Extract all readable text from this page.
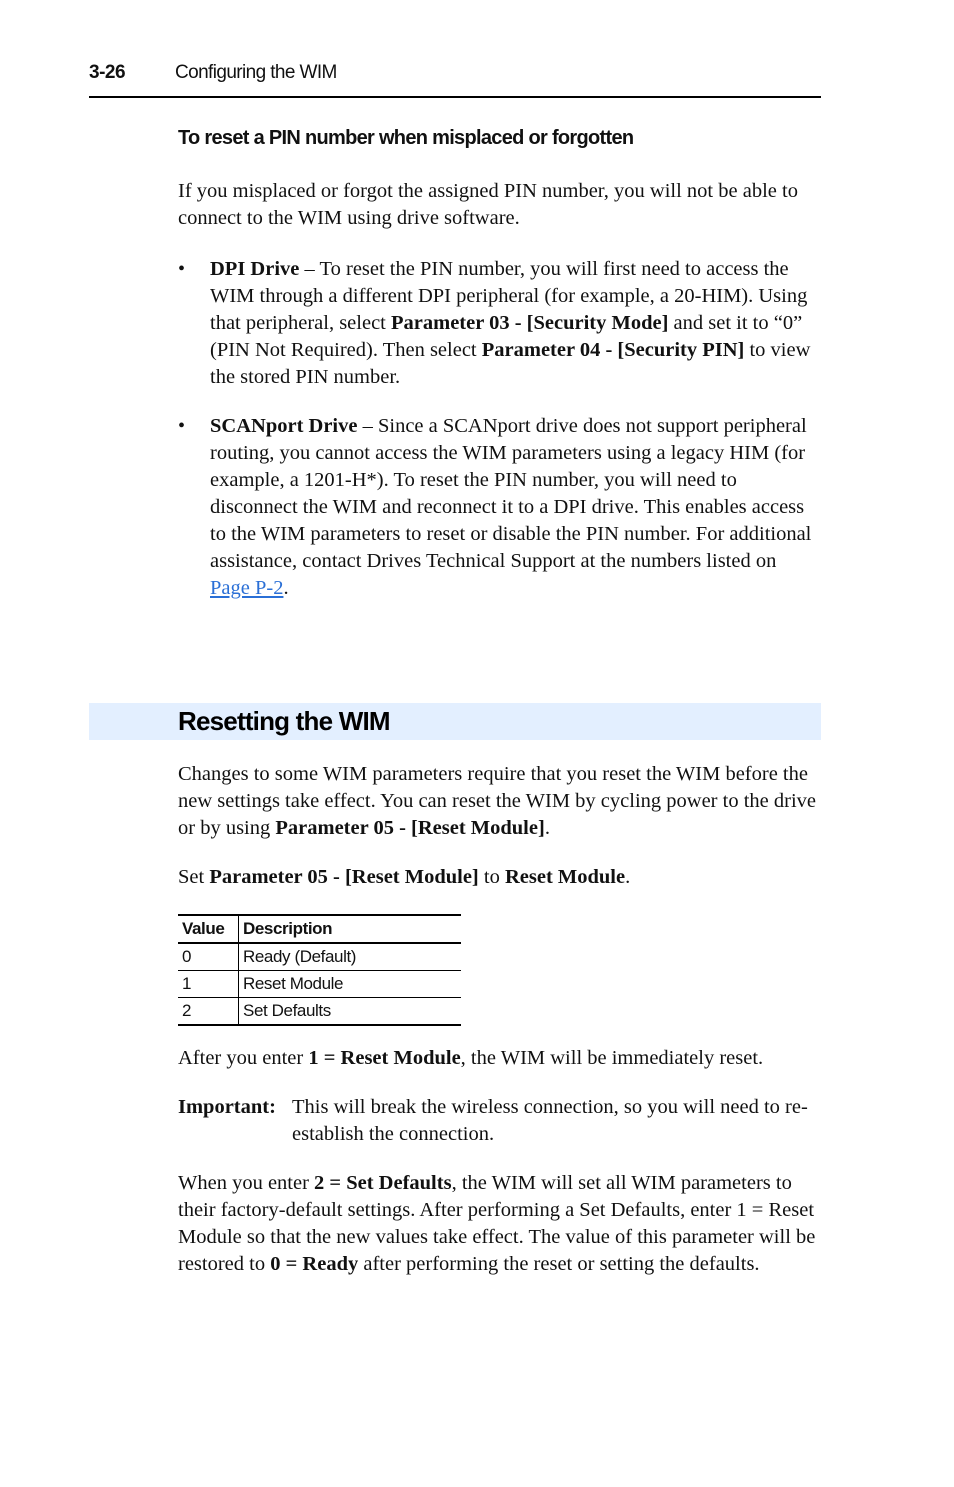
3-26	Configuring the WIM
To reset a PIN number when misplaced or forgotten

If you misplaced or forgot the assigned PIN number, you will not be able to connect to the WIM using drive software.

• DPI Drive – To reset the PIN number, you will first need to access the WIM through a different DPI peripheral (for example, a 20-HIM). Using that peripheral, select Parameter 03 - [Security Mode] and set it to “0” (PIN Not Required). Then select Parameter 04 - [Security PIN] to view the stored PIN number.
• SCANport Drive – Since a SCANport drive does not support peripheral routing, you cannot access the WIM parameters using a legacy HIM (for example, a 1201-H*). To reset the PIN number, you will need to disconnect the WIM and reconnect it to a DPI drive. This enables access to the WIM parameters to reset or disable the PIN number. For additional assistance, contact Drives Technical Support at the numbers listed on Page P-2.
Resetting the WIM

Changes to some WIM parameters require that you reset the WIM before the new settings take effect. You can reset the WIM by cycling power to the drive or by using Parameter 05 - [Reset Module].

Set Parameter 05 - [Reset Module] to Reset Module.

Value	Description
0	Ready (Default)
1	Reset Module
2	Set Defaults

After you enter 1 = Reset Module, the WIM will be immediately reset.

Important: This will break the wireless connection, so you will need to re-establish the connection.

When you enter 2 = Set Defaults, the WIM will set all WIM parameters to their factory-default settings. After performing a Set Defaults, enter 1 = Reset Module so that the new values take effect. The value of this parameter will be restored to 0 = Ready after performing the reset or setting the defaults.
